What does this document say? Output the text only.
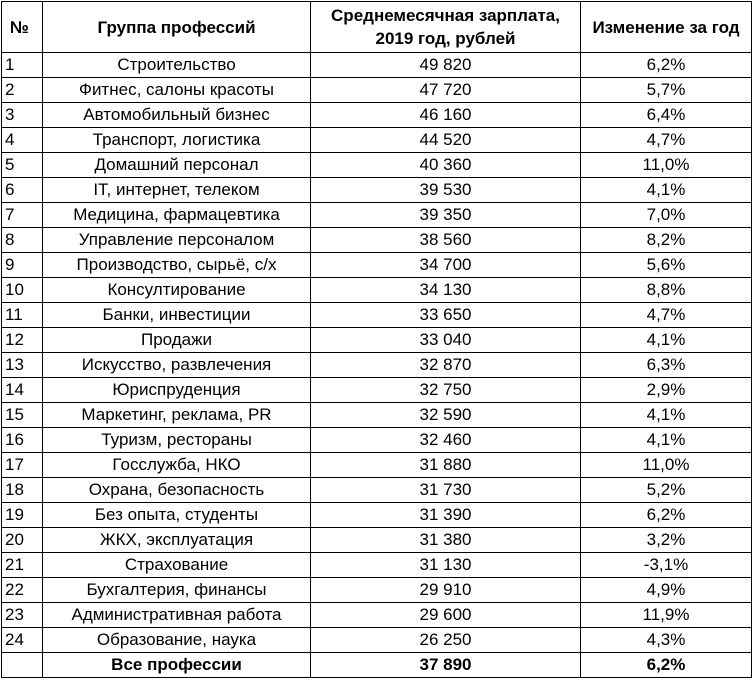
№	Группа профессий	Среднемесячная зарплата, 2019 год, рублей	Изменение за год
1	Строительство	49 820	6,2%
2	Фитнес, салоны красоты	47 720	5,7%
3	Автомобильный бизнес	46 160	6,4%
4	Транспорт, логистика	44 520	4,7%
5	Домашний персонал	40 360	11,0%
6	IT, интернет, телеком	39 530	4,1%
7	Медицина, фармацевтика	39 350	7,0%
8	Управление персоналом	38 560	8,2%
9	Производство, сырьё, с/х	34 700	5,6%
10	Консултирование	34 130	8,8%
11	Банки, инвестиции	33 650	4,7%
12	Продажи	33 040	4,1%
13	Искусство, развлечения	32 870	6,3%
14	Юриспруденция	32 750	2,9%
15	Маркетинг, реклама, PR	32 590	4,1%
16	Туризм, рестораны	32 460	4,1%
17	Госслужба, НКО	31 880	11,0%
18	Охрана, безопасность	31 730	5,2%
19	Без опыта, студенты	31 390	6,2%
20	ЖКХ, эксплуатация	31 380	3,2%
21	Страхование	31 130	-3,1%
22	Бухгалтерия, финансы	29 910	4,9%
23	Административная работа	29 600	11,9%
24	Образование, наука	26 250	4,3%
	Все профессии	37 890	6,2%
